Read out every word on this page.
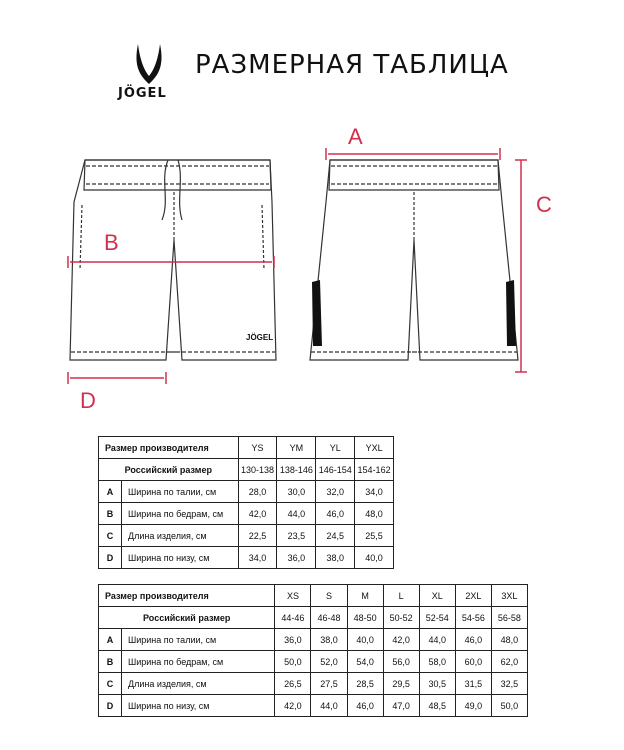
JÖGEL
РАЗМЕРНАЯ ТАБЛИЦА
JÖGEL
A
C
B
D
Размер производителя		YS	YM	YL	YXL
Российский размер		130-138	138-146	146-154	154-162
A	Ширина по талии, см	28,0	30,0	32,0	34,0
B	Ширина по бедрам, см	42,0	44,0	46,0	48,0
C	Длина изделия, см	22,5	23,5	24,5	25,5
D	Ширина по низу, см	34,0	36,0	38,0	40,0
Размер производителя		XS	S	M	L	XL	2XL	3XL
Российский размер		44-46	46-48	48-50	50-52	52-54	54-56	56-58
A	Ширина по талии, см	36,0	38,0	40,0	42,0	44,0	46,0	48,0
B	Ширина по бедрам, см	50,0	52,0	54,0	56,0	58,0	60,0	62,0
C	Длина изделия, см	26,5	27,5	28,5	29,5	30,5	31,5	32,5
D	Ширина по низу, см	42,0	44,0	46,0	47,0	48,5	49,0	50,0
